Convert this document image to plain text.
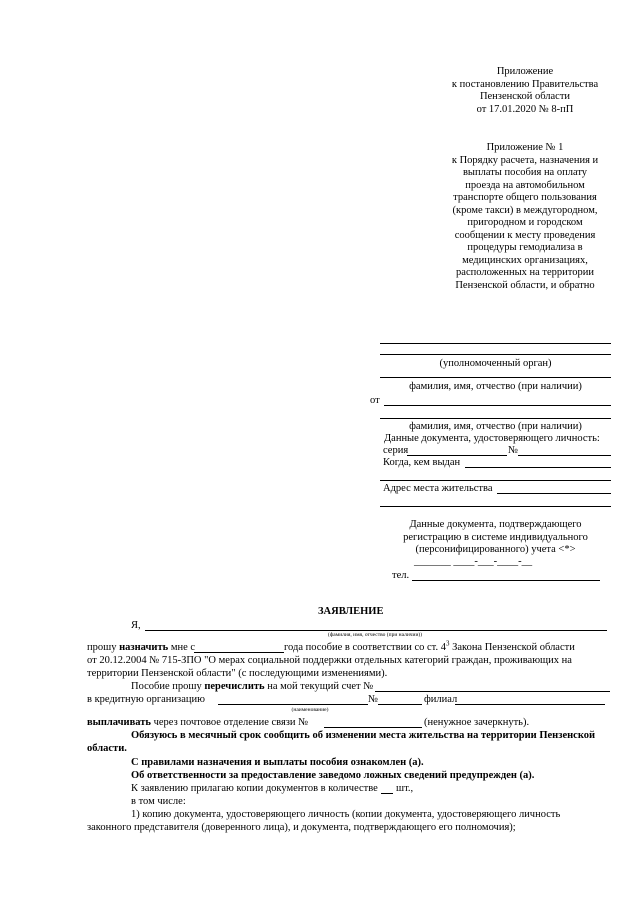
Приложение
к постановлению Правительства
Пензенской области
от 17.01.2020 № 8-пП
Приложение № 1
к Порядку расчета, назначения и
выплаты пособия на оплату
проезда на автомобильном
транспорте общего пользования
(кроме такси) в междугородном,
пригородном и городском
сообщении к месту проведения
процедуры гемодиализа в
медицинских организациях,
расположенных на территории
Пензенской области, и обратно
(уполномоченный орган)
фамилия, имя, отчество (при наличии)
от
фамилия, имя, отчество (при наличии)
Данные документа, удостоверяющего личность:
серия	№
Когда, кем выдан
Адрес места жительства
Данные документа, подтверждающего
регистрацию в системе индивидуального
(персонифицированного) учета <*>
_______ ____-___-____-__
тел.
ЗАЯВЛЕНИЕ
Я,
(фамилия, имя, отчество (при наличии))
прошу назначить мне с	года пособие в соответствии со ст. $4^3$ Закона Пензенской области
от 20.12.2004 № 715-ЗПО "О мерах социальной поддержки отдельных категорий граждан, проживающих на
территории Пензенской области" (с последующими изменениями).
Пособие прошу перечислить на мой текущий счет №
в кредитную организацию	№	филиал
(наименование)
выплачивать через почтовое отделение связи №	(ненужное зачеркнуть).
Обязуюсь в месячный срок сообщить об изменении места жительства на территории Пензенской
области.
С правилами назначения и выплаты пособия ознакомлен (а).
Об ответственности за предоставление заведомо ложных сведений предупрежден (а).
К заявлению прилагаю копии документов в количестве шт.,
в том числе:
1) копию документа, удостоверяющего личность (копии документа, удостоверяющего личность
законного представителя (доверенного лица), и документа, подтверждающего его полномочия);
